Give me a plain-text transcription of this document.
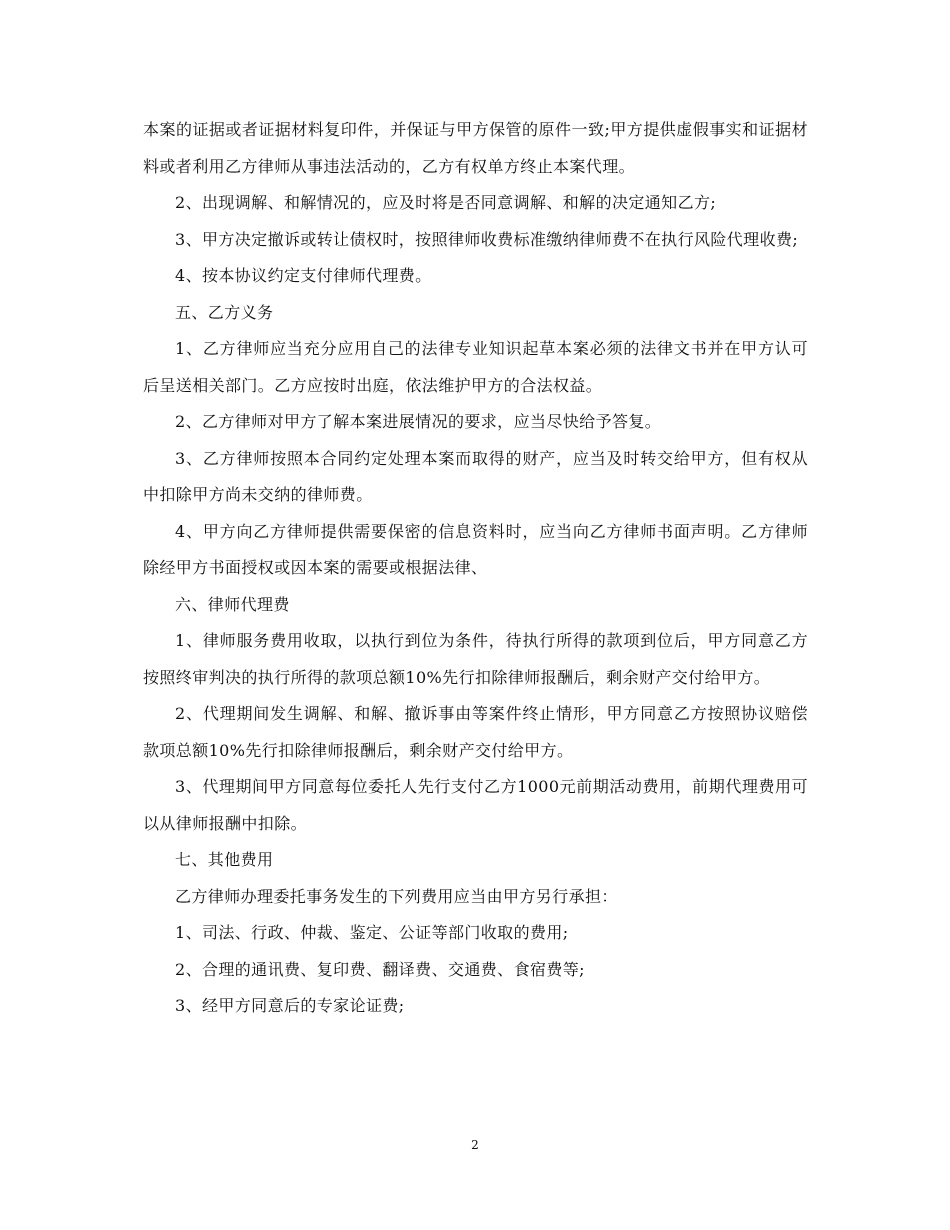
本案的证据或者证据材料复印件，并保证与甲方保管的原件一致;甲方提供虚假事实和证据材料或者利用乙方律师从事违法活动的，乙方有权单方终止本案代理。

2、出现调解、和解情况的，应及时将是否同意调解、和解的决定通知乙方;

3、甲方决定撤诉或转让债权时，按照律师收费标准缴纳律师费不在执行风险代理收费;

4、按本协议约定支付律师代理费。

五、乙方义务

1、乙方律师应当充分应用自己的法律专业知识起草本案必须的法律文书并在甲方认可后呈送相关部门。乙方应按时出庭，依法维护甲方的合法权益。

2、乙方律师对甲方了解本案进展情况的要求，应当尽快给予答复。

3、乙方律师按照本合同约定处理本案而取得的财产，应当及时转交给甲方，但有权从中扣除甲方尚未交纳的律师费。

4、甲方向乙方律师提供需要保密的信息资料时，应当向乙方律师书面声明。乙方律师除经甲方书面授权或因本案的需要或根据法律、

六、律师代理费

1、律师服务费用收取，以执行到位为条件，待执行所得的款项到位后，甲方同意乙方按照终审判决的执行所得的款项总额10%先行扣除律师报酬后，剩余财产交付给甲方。

2、代理期间发生调解、和解、撤诉事由等案件终止情形，甲方同意乙方按照协议赔偿款项总额10%先行扣除律师报酬后，剩余财产交付给甲方。

3、代理期间甲方同意每位委托人先行支付乙方1000元前期活动费用，前期代理费用可以从律师报酬中扣除。

七、其他费用

乙方律师办理委托事务发生的下列费用应当由甲方另行承担：

1、司法、行政、仲裁、鉴定、公证等部门收取的费用;

2、合理的通讯费、复印费、翻译费、交通费、食宿费等;

3、经甲方同意后的专家论证费;

2
